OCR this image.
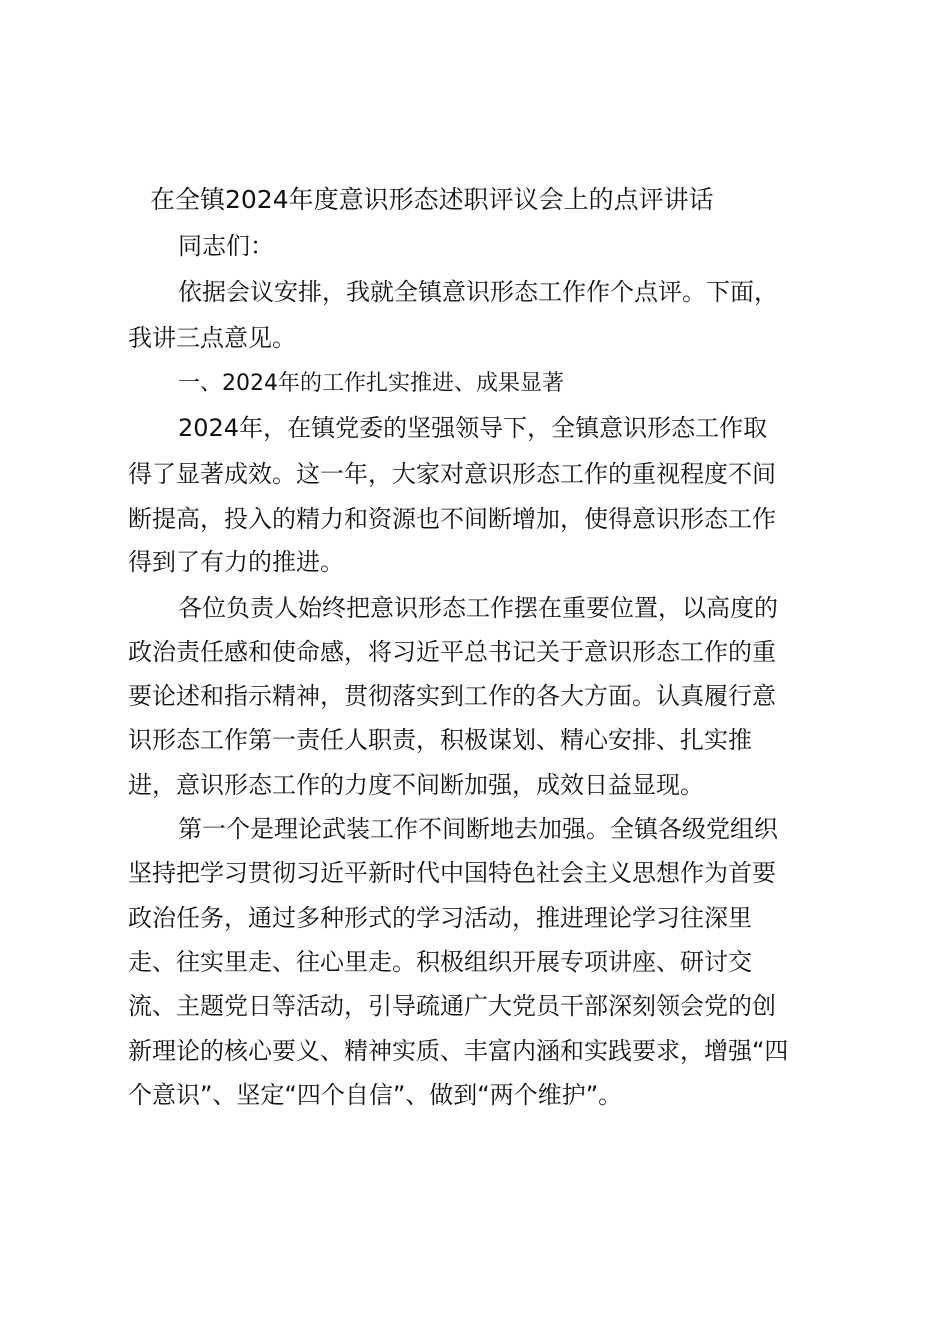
在全镇2024年度意识形态述职评议会上的点评讲话
同志们：
依据会议安排，我就全镇意识形态工作作个点评。下面，
我讲三点意见。
一、2024年的工作扎实推进、成果显著
2024年，在镇党委的坚强领导下，全镇意识形态工作取
得了显著成效。这一年，大家对意识形态工作的重视程度不间
断提高，投入的精力和资源也不间断增加，使得意识形态工作
得到了有力的推进。
各位负责人始终把意识形态工作摆在重要位置，以高度的
政治责任感和使命感，将习近平总书记关于意识形态工作的重
要论述和指示精神，贯彻落实到工作的各大方面。认真履行意
识形态工作第一责任人职责，积极谋划、精心安排、扎实推
进，意识形态工作的力度不间断加强，成效日益显现。
第一个是理论武装工作不间断地去加强。全镇各级党组织
坚持把学习贯彻习近平新时代中国特色社会主义思想作为首要
政治任务，通过多种形式的学习活动，推进理论学习往深里
走、往实里走、往心里走。积极组织开展专项讲座、研讨交
流、主题党日等活动，引导疏通广大党员干部深刻领会党的创
新理论的核心要义、精神实质、丰富内涵和实践要求，增强“四
个意识”、坚定“四个自信”、做到“两个维护”。
